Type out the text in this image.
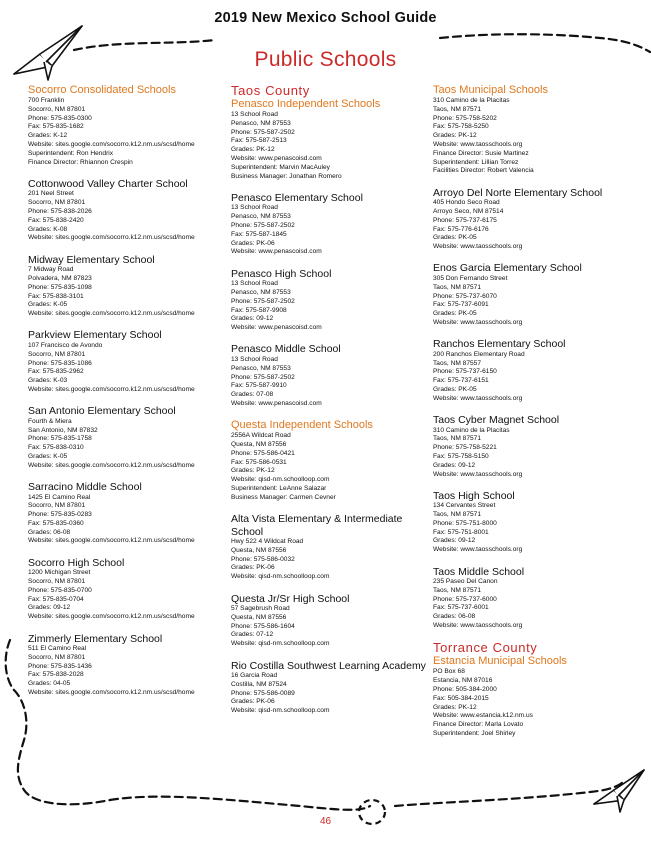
2019 New Mexico School Guide
Public Schools
Socorro Consolidated Schools
700 Franklin
Socorro, NM 87801
Phone: 575-835-0300
Fax: 575-835-1682
Grades: K-12
Website: sites.google.com/socorro.k12.nm.us/scsd/home
Superintendent: Ron Hendrix
Finance Director: Rhiannon Crespin
Cottonwood Valley Charter School
201 Neel Street
Socorro, NM 87801
Phone: 575-838-2026
Fax: 575-838-2420
Grades: K-08
Website: sites.google.com/socorro.k12.nm.us/scsd/home
Midway Elementary School
7 Midway Road
Polvadera, NM 87823
Phone: 575-835-1098
Fax: 575-838-3101
Grades: K-05
Website: sites.google.com/socorro.k12.nm.us/scsd/home
Parkview Elementary School
107 Francisco de Avondo
Socorro, NM 87801
Phone: 575-835-1086
Fax: 575-835-2962
Grades: K-03
Website: sites.google.com/socorro.k12.nm.us/scsd/home
San Antonio Elementary School
Fourth & Miera
San Antonio, NM 87832
Phone: 575-835-1758
Fax: 575-838-0310
Grades: K-05
Website: sites.google.com/socorro.k12.nm.us/scsd/home
Sarracino Middle School
1425 El Camino Real
Socorro, NM 87801
Phone: 575-835-0283
Fax: 575-835-0360
Grades: 06-08
Website: sites.google.com/socorro.k12.nm.us/scsd/home
Socorro High School
1200 Michigan Street
Socorro, NM 87801
Phone: 575-835-0700
Fax: 575-835-0704
Grades: 09-12
Website: sites.google.com/socorro.k12.nm.us/scsd/home
Zimmerly Elementary School
511 El Camino Real
Socorro, NM 87801
Phone: 575-835-1436
Fax: 575-838-2028
Grades: 04-05
Website: sites.google.com/socorro.k12.nm.us/scsd/home
Taos County
Penasco Independent Schools
13 School Road
Penasco, NM 87553
Phone: 575-587-2502
Fax: 575-587-2513
Grades: PK-12
Website: www.penascoisd.com
Superintendent: Marvin MacAuley
Business Manager: Jonathan Romero
Penasco Elementary School
13 School Road
Penasco, NM 87553
Phone: 575-587-2502
Fax: 575-587-1845
Grades: PK-06
Website: www.penascoisd.com
Penasco High School
13 School Road
Penasco, NM 87553
Phone: 575-587-2502
Fax: 575-587-9908
Grades: 09-12
Website: www.penascoisd.com
Penasco Middle School
13 School Road
Penasco, NM 87553
Phone: 575-587-2502
Fax: 575-587-9910
Grades: 07-08
Website: www.penascoisd.com
Questa Independent Schools
2556A Wildcat Road
Questa, NM 87556
Phone: 575-586-0421
Fax: 575-586-0531
Grades: PK-12
Website: qisd-nm.schoolloop.com
Superintendent: LeAnne Salazar
Business Manager: Carmen Cevner
Alta Vista Elementary & Intermediate School
Hwy 522 4 Wildcat Road
Questa, NM 87556
Phone: 575-586-0032
Grades: PK-06
Website: qisd-nm.schoolloop.com
Questa Jr/Sr High School
57 Sagebrush Road
Questa, NM 87556
Phone: 575-586-1604
Grades: 07-12
Website: qisd-nm.schoolloop.com
Rio Costilla Southwest Learning Academy
16 Garcia Road
Costilla, NM 87524
Phone: 575-586-0089
Grades: PK-06
Website: qisd-nm.schoolloop.com
Taos Municipal Schools
310 Camino de la Placitas
Taos, NM 87571
Phone: 575-758-5202
Fax: 575-758-5250
Grades: PK-12
Website: www.taosschools.org
Finance Director: Susie Martinez
Superintendent: Lillian Torrez
Facilities Director: Robert Valencia
Arroyo Del Norte Elementary School
405 Hondo Seco Road
Arroyo Seco, NM 87514
Phone: 575-737-6175
Fax: 575-776-6176
Grades: PK-05
Website: www.taosschools.org
Enos Garcia Elementary School
305 Don Fernando Street
Taos, NM 87571
Phone: 575-737-6070
Fax: 575-737-6091
Grades: PK-05
Website: www.taosschools.org
Ranchos Elementary School
200 Ranchos Elementary Road
Taos, NM 87557
Phone: 575-737-6150
Fax: 575-737-6151
Grades: PK-05
Website: www.taosschools.org
Taos Cyber Magnet School
310 Camino de la Placitas
Taos, NM 87571
Phone: 575-758-5221
Fax: 575-758-5150
Grades: 09-12
Website: www.taosschools.org
Taos High School
134 Cervantes Street
Taos, NM 87571
Phone: 575-751-8000
Fax: 575-751-8001
Grades: 09-12
Website: www.taosschools.org
Taos Middle School
235 Paseo Del Canon
Taos, NM 87571
Phone: 575-737-6000
Fax: 575-737-6001
Grades: 06-08
Website: www.taosschools.org
Torrance County
Estancia Municipal Schools
PO Box 68
Estancia, NM 87016
Phone: 505-384-2000
Fax: 505-384-2015
Grades: PK-12
Website: www.estancia.k12.nm.us
Finance Director: Marla Lovato
Superintendent: Joel Shirley
46
